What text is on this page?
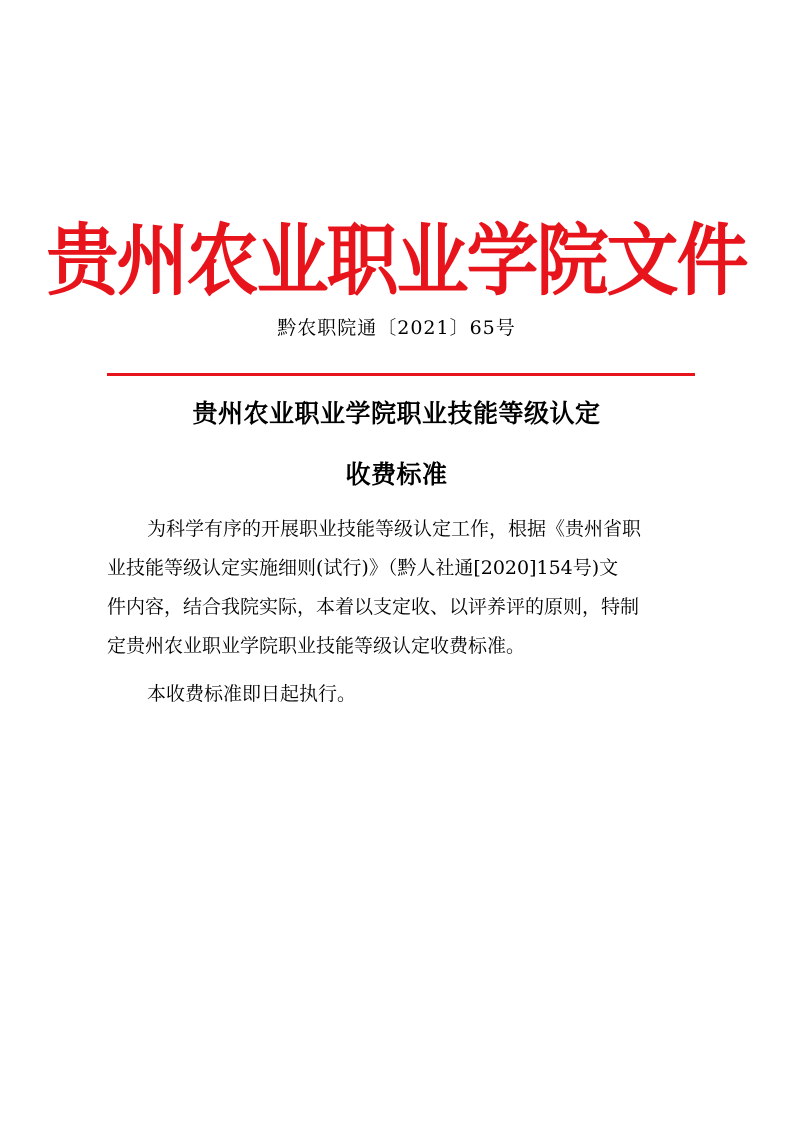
贵州农业职业学院文件
黔农职院通〔2021〕65号
贵州农业职业学院职业技能等级认定
收费标准
为科学有序的开展职业技能等级认定工作，根据《贵州省职
业技能等级认定实施细则(试行)》（黔人社通[2020]154号)文
件内容，结合我院实际，本着以支定收、以评养评的原则，特制
定贵州农业职业学院职业技能等级认定收费标准。
本收费标准即日起执行。
